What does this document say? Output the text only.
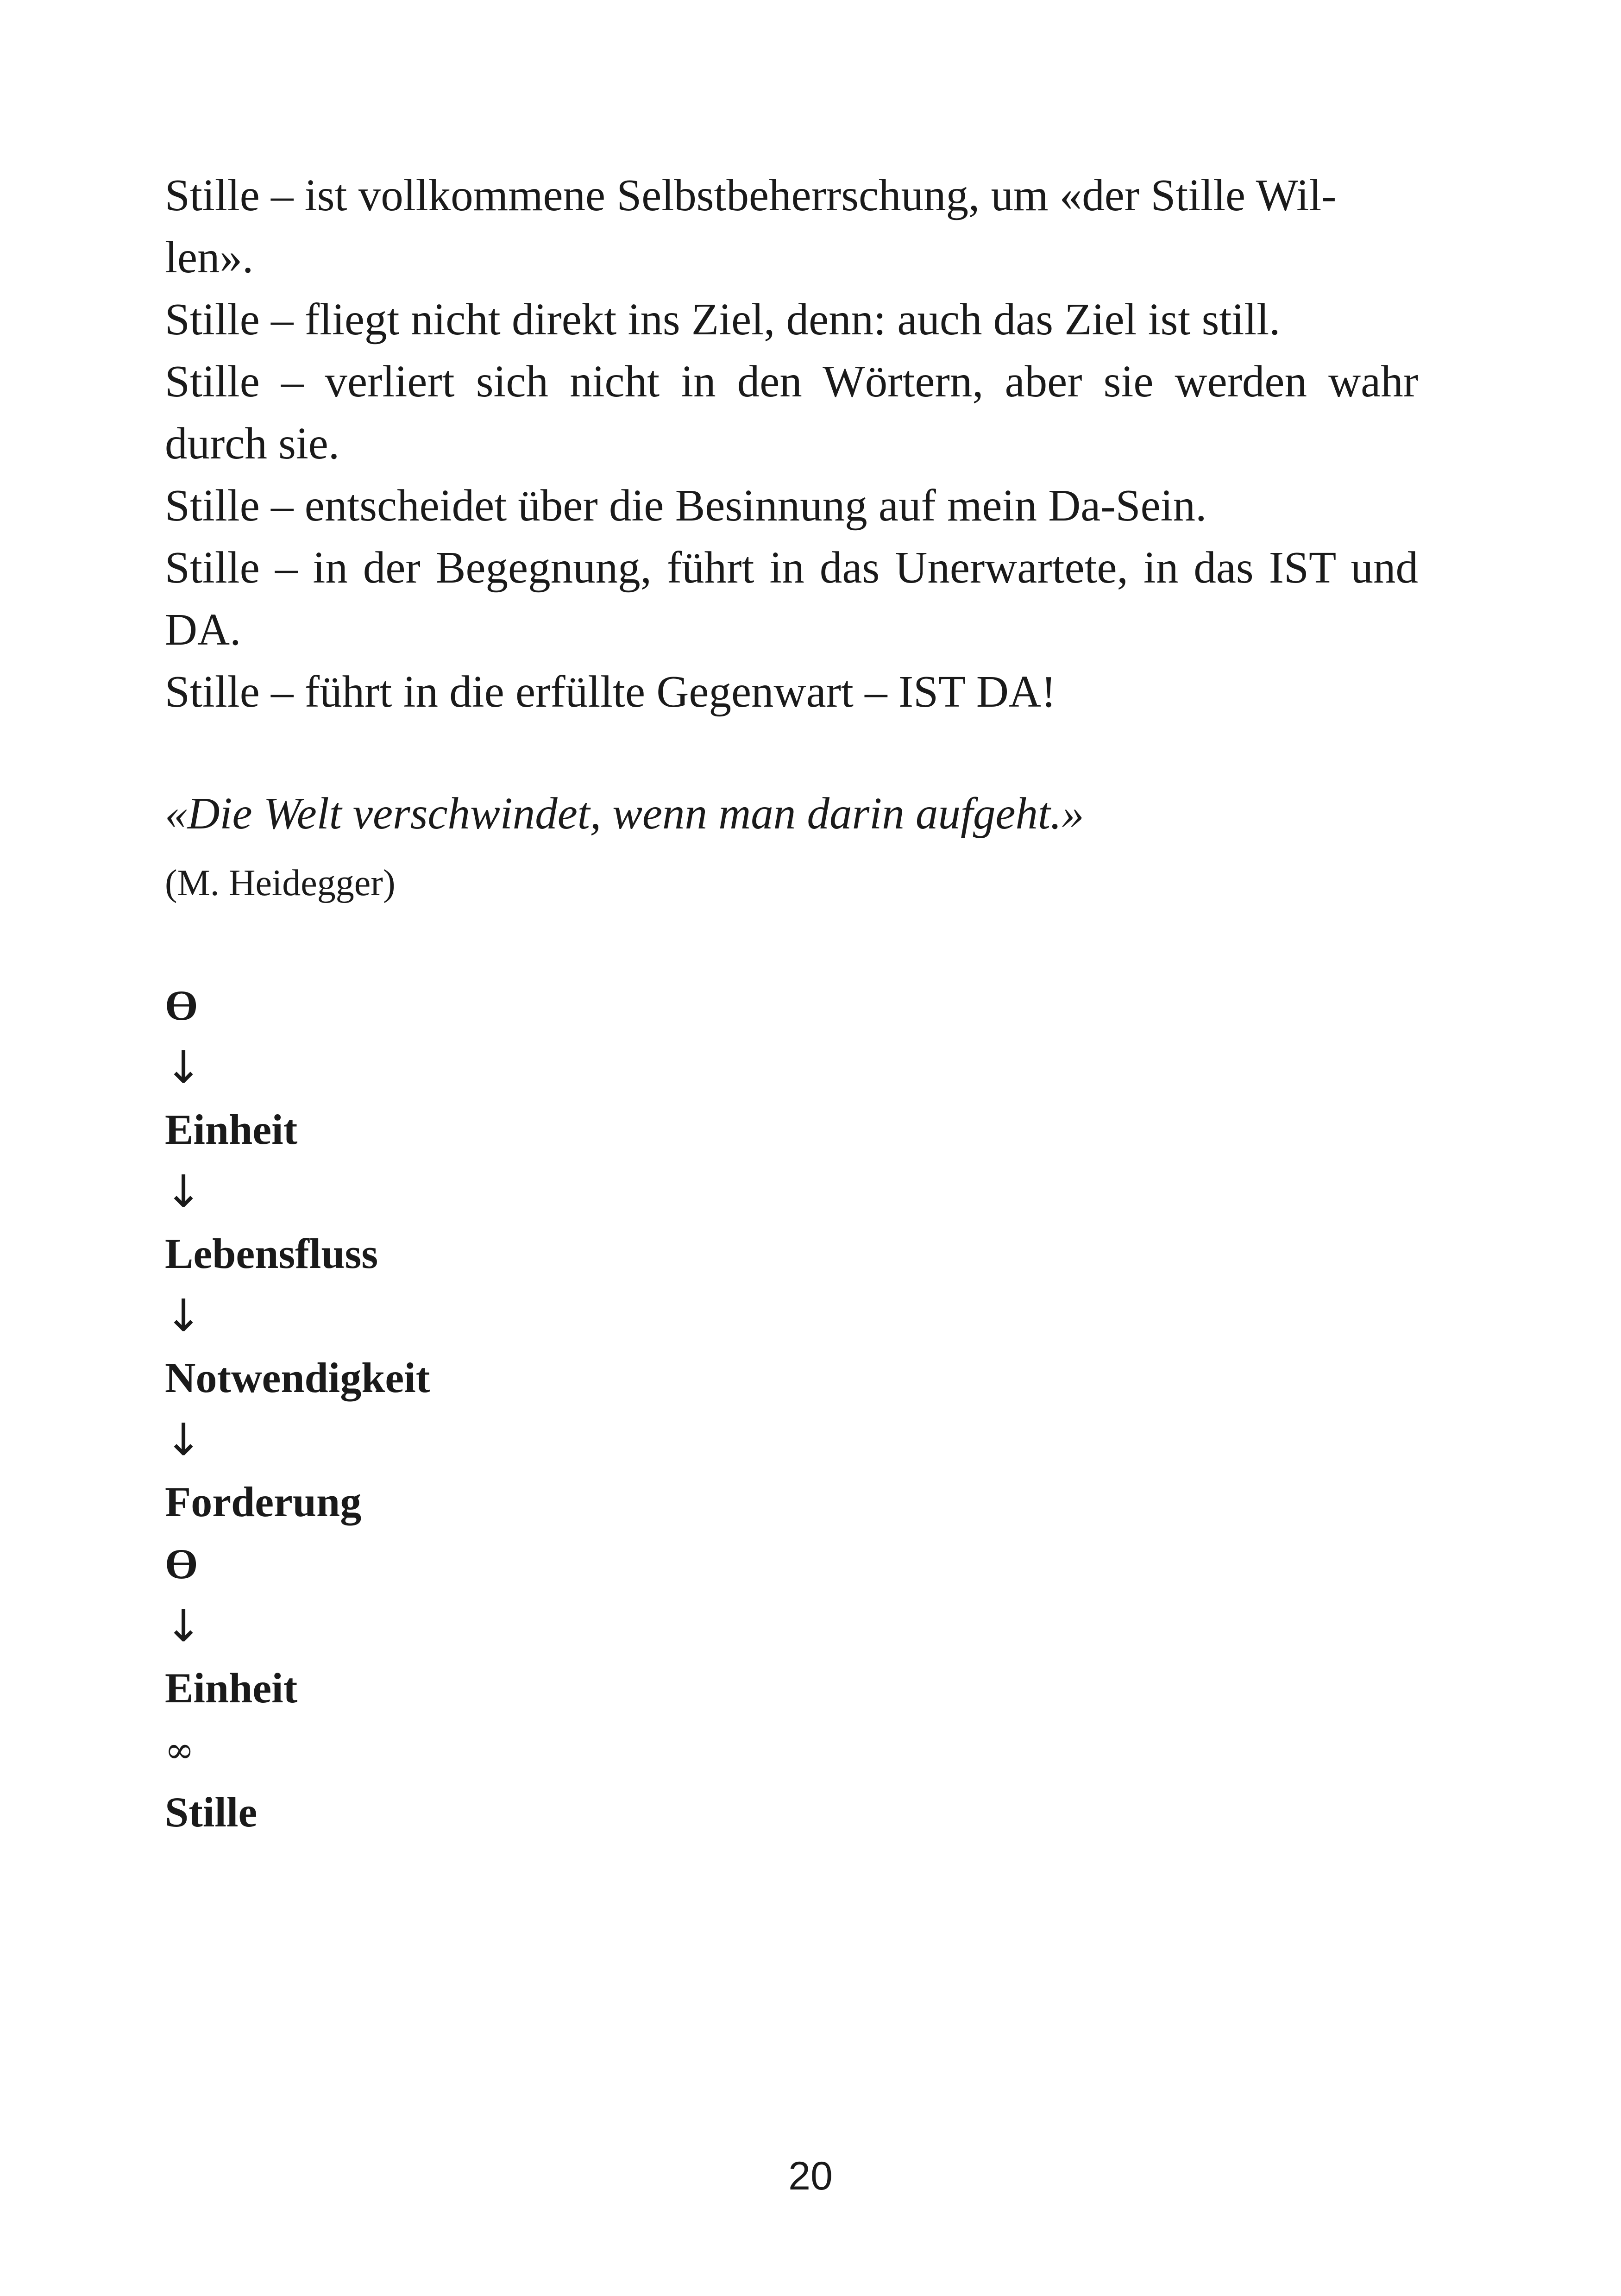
Stille – ist vollkommene Selbstbeherrschung, um «der Stille Wil-
len».

Stille – fliegt nicht direkt ins Ziel, denn: auch das Ziel ist still.

Stille – verliert sich nicht in den Wörtern, aber sie werden wahr durch sie.

Stille – entscheidet über die Besinnung auf mein Da-Sein.

Stille – in der Begegnung, führt in das Unerwartete, in das IST und DA.

Stille – führt in die erfüllte Gegenwart – IST DA!

«Die Welt verschwindet, wenn man darin aufgeht.»

(M. Heidegger)

ϴ
↓
Einheit
↓
Lebensfluss
↓
Notwendigkeit
↓
Forderung
ϴ
↓
Einheit
∞
Stille
20
